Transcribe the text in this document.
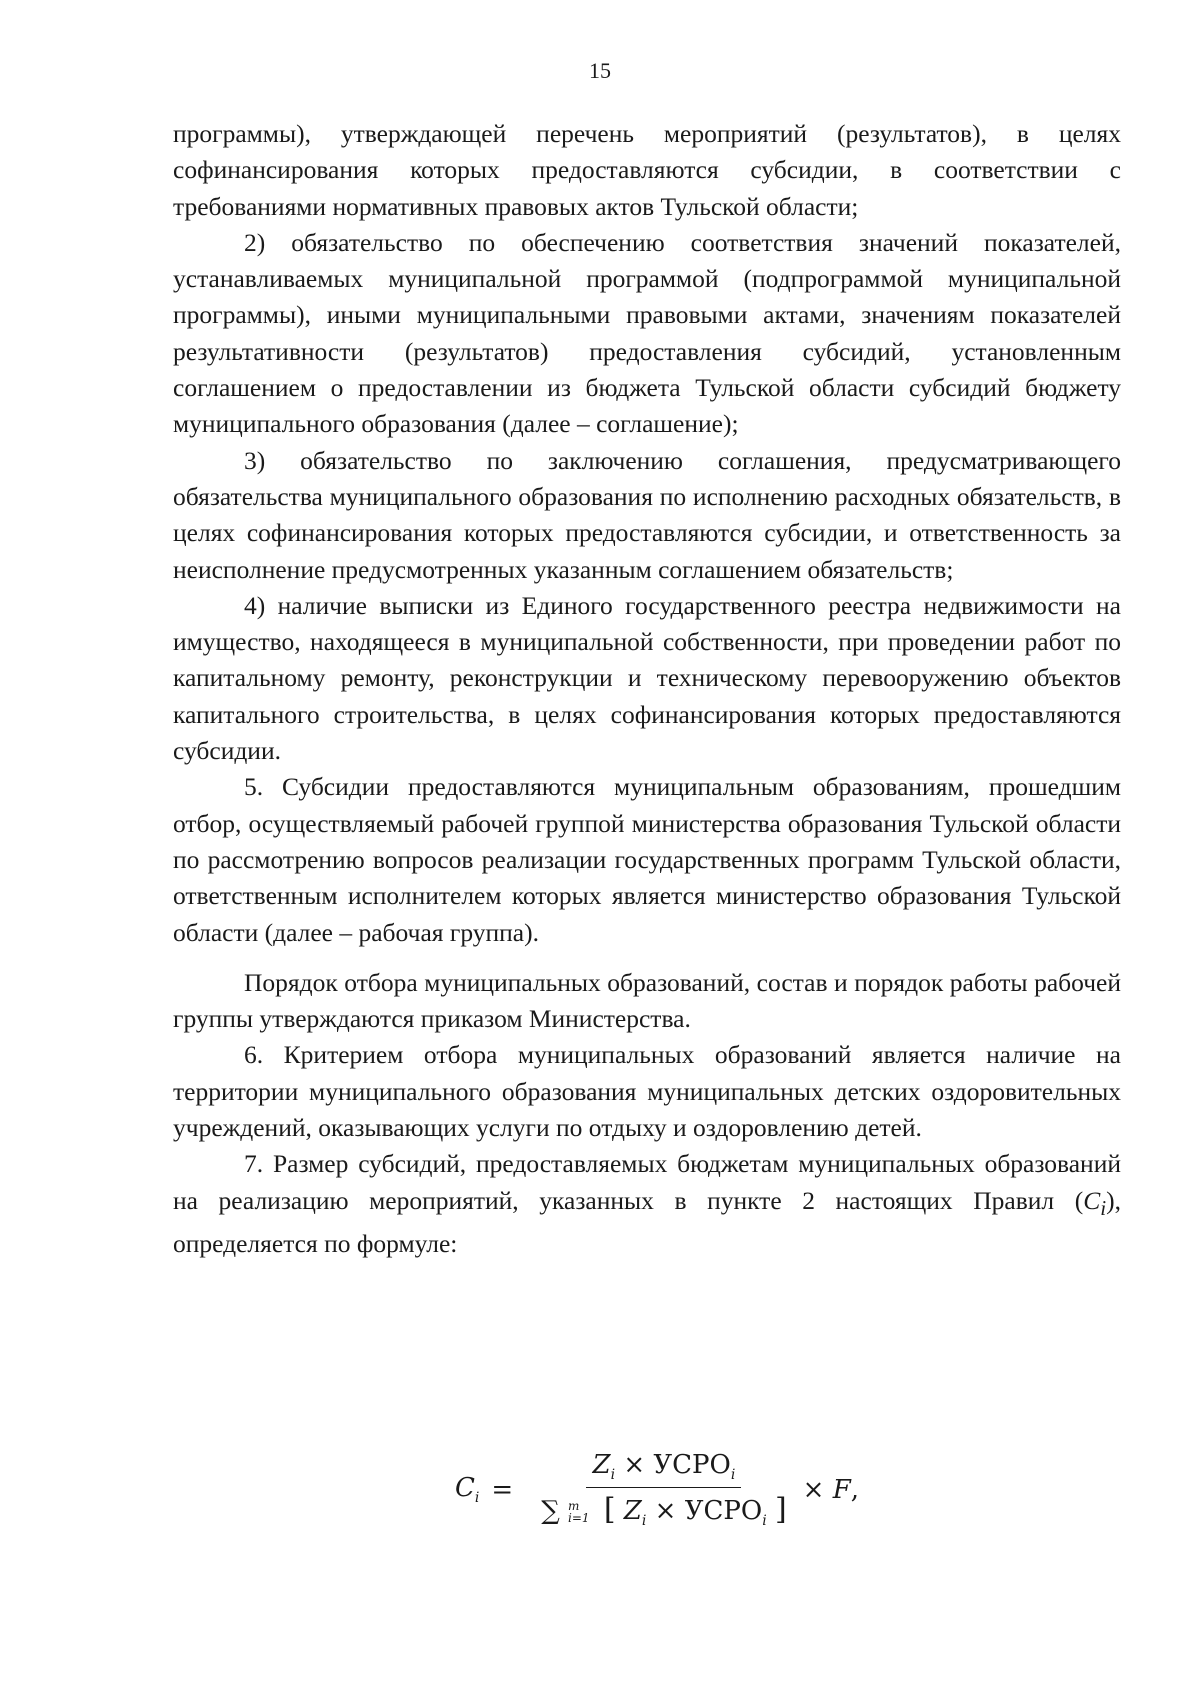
15

программы), утверждающей перечень мероприятий (результатов), в целях софинансирования которых предоставляются субсидии, в соответствии с требованиями нормативных правовых актов Тульской области;

2) обязательство по обеспечению соответствия значений показателей, устанавливаемых муниципальной программой (подпрограммой муниципальной программы), иными муниципальными правовыми актами, значениям показателей результативности (результатов) предоставления субсидий, установленным соглашением о предоставлении из бюджета Тульской области субсидий бюджету муниципального образования (далее – соглашение);

3) обязательство по заключению соглашения, предусматривающего обязательства муниципального образования по исполнению расходных обязательств, в целях софинансирования которых предоставляются субсидии, и ответственность за неисполнение предусмотренных указанным соглашением обязательств;

4) наличие выписки из Единого государственного реестра недвижимости на имущество, находящееся в муниципальной собственности, при проведении работ по капитальному ремонту, реконструкции и техническому перевооружению объектов капитального строительства, в целях софинансирования которых предоставляются субсидии.

5. Субсидии предоставляются муниципальным образованиям, прошедшим отбор, осуществляемый рабочей группой министерства образования Тульской области по рассмотрению вопросов реализации государственных программ Тульской области, ответственным исполнителем которых является министерство образования Тульской области (далее – рабочая группа).

Порядок отбора муниципальных образований, состав и порядок работы рабочей группы утверждаются приказом Министерства.

6. Критерием отбора муниципальных образований является наличие на территории муниципального образования муниципальных детских оздоровительных учреждений, оказывающих услуги по отдыху и оздоровлению детей.

7. Размер субсидий, предоставляемых бюджетам муниципальных образований на реализацию мероприятий, указанных в пункте 2 настоящих Правил $(C_i)$, определяется по формуле:

$C_i$ =
$Z_i$ × $УСРО_i$
∑ m
i=1 [ $Z_i$ × $УСРО_i$ ]
× F,
